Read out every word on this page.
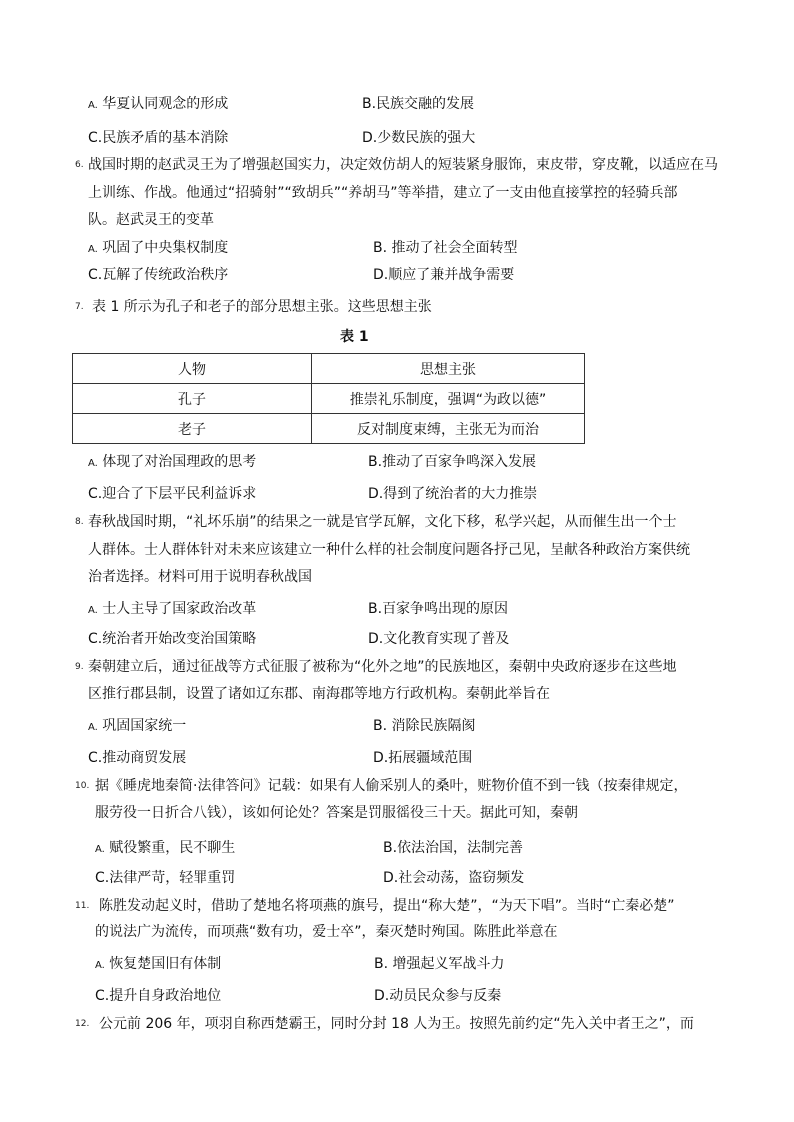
A. 华夏认同观念的形成	B.民族交融的发展
C.民族矛盾的基本消除	D.少数民族的强大
6. 战国时期的赵武灵王为了增强赵国实力，决定效仿胡人的短装紧身服饰，束皮带，穿皮靴，以适应在马
上训练、作战。他通过“招骑射”“致胡兵”“养胡马”等举措，建立了一支由他直接掌控的轻骑兵部
队。赵武灵王的变革
A. 巩固了中央集权制度	B. 推动了社会全面转型
C.瓦解了传统政治秩序	D.顺应了兼并战争需要
7. 表 1 所示为孔子和老子的部分思想主张。这些思想主张
表 1
人物	思想主张
孔子	推崇礼乐制度，强调“为政以德”
老子	反对制度束缚，主张无为而治
A. 体现了对治国理政的思考	B.推动了百家争鸣深入发展
C.迎合了下层平民利益诉求	D.得到了统治者的大力推崇
8. 春秋战国时期，“礼坏乐崩”的结果之一就是官学瓦解，文化下移，私学兴起，从而催生出一个士
人群体。士人群体针对未来应该建立一种什么样的社会制度问题各抒己见，呈献各种政治方案供统
治者选择。材料可用于说明春秋战国
A. 士人主导了国家政治改革	B.百家争鸣出现的原因
C.统治者开始改变治国策略	D.文化教育实现了普及
9. 秦朝建立后，通过征战等方式征服了被称为“化外之地”的民族地区，秦朝中央政府逐步在这些地
区推行郡县制，设置了诸如辽东郡、南海郡等地方行政机构。秦朝此举旨在
A. 巩固国家统一	B. 消除民族隔阂
C.推动商贸发展	D.拓展疆域范围
10. 据《睡虎地秦简·法律答问》记载：如果有人偷采别人的桑叶，赃物价值不到一钱（按秦律规定，
服劳役一日折合八钱），该如何论处？答案是罚服徭役三十天。据此可知，秦朝
A. 赋役繁重，民不聊生	B.依法治国，法制完善
C.法律严苛，轻罪重罚	D.社会动荡，盗窃频发
11. 陈胜发动起义时，借助了楚地名将项燕的旗号，提出“称大楚”，“为天下唱”。当时“亡秦必楚”
的说法广为流传，而项燕“数有功，爱士卒”，秦灭楚时殉国。陈胜此举意在
A. 恢复楚国旧有体制	B. 增强起义军战斗力
C.提升自身政治地位	D.动员民众参与反秦
12. 公元前 206 年，项羽自称西楚霸王，同时分封 18 人为王。按照先前约定“先入关中者王之”，而
